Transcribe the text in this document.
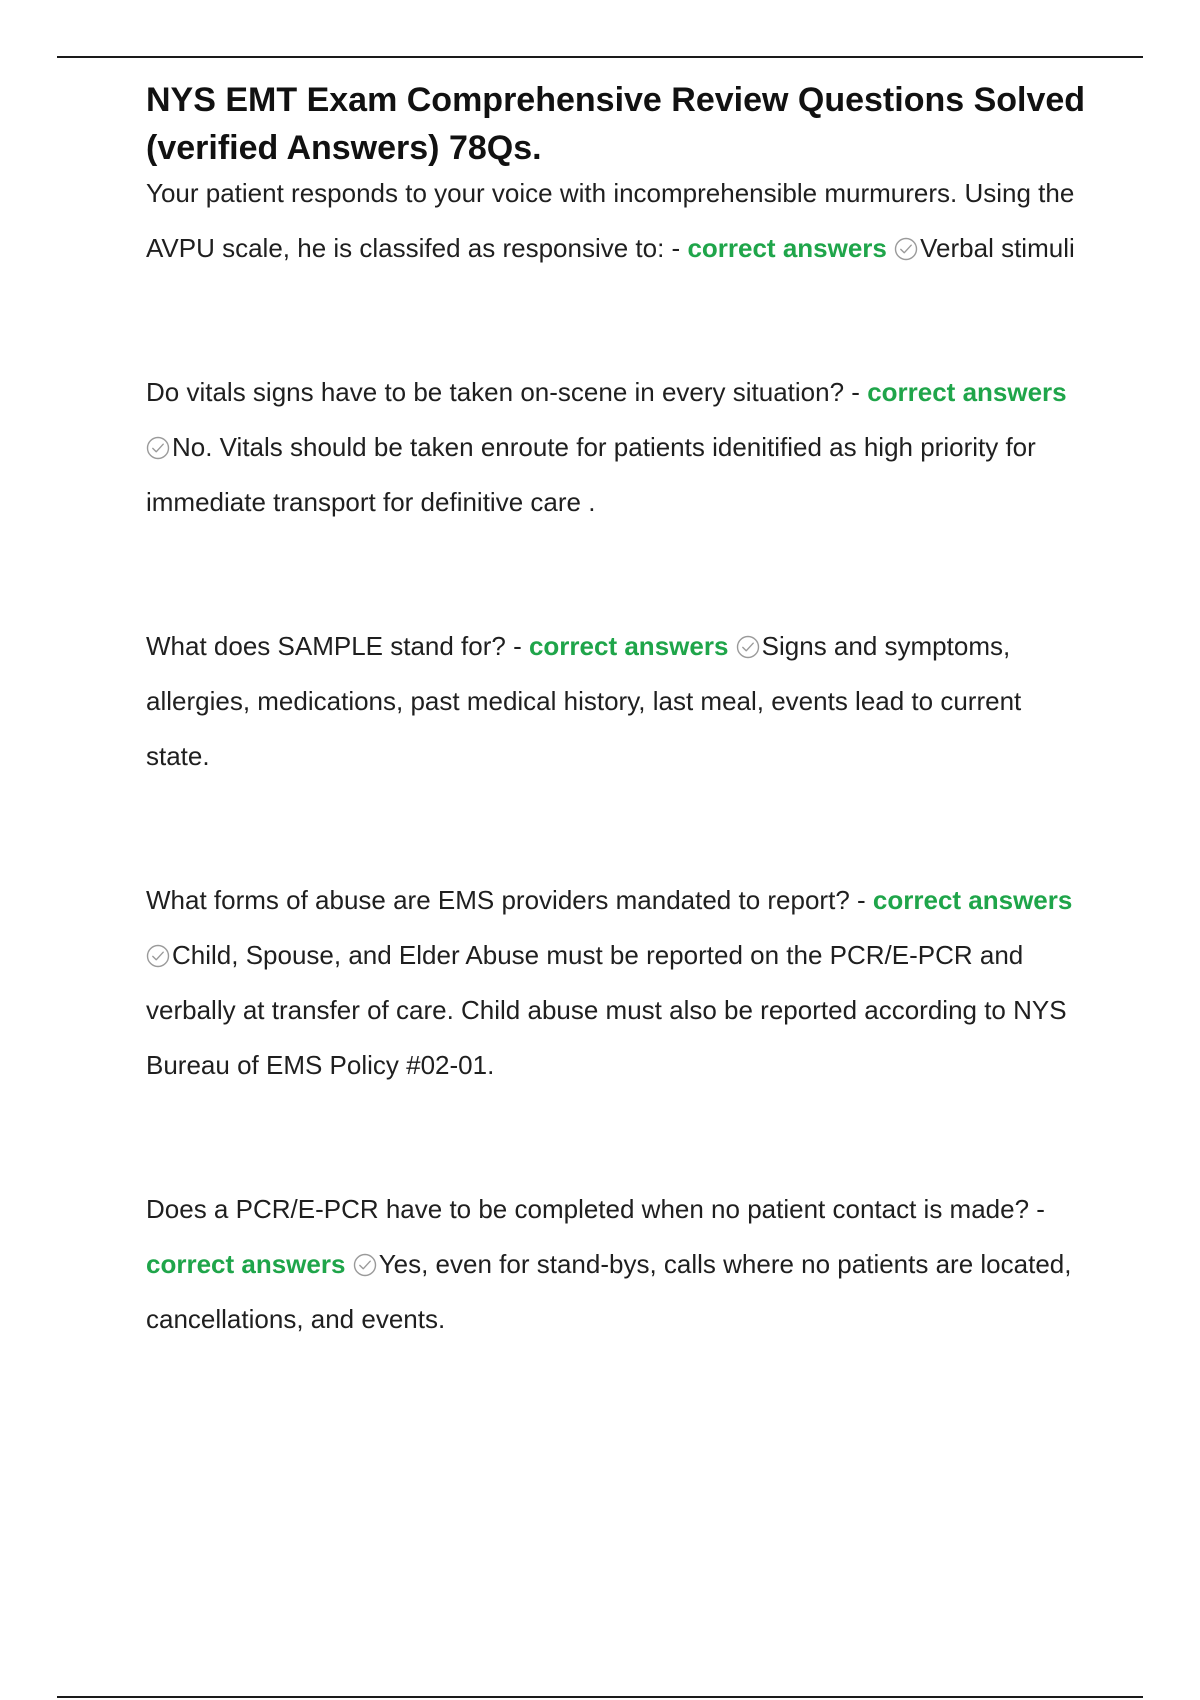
NYS EMT Exam Comprehensive Review Questions Solved (verified Answers) 78Qs.

Your patient responds to your voice with incomprehensible murmurers. Using the AVPU scale, he is classifed as responsive to: - correct answers Verbal stimuli

Do vitals signs have to be taken on-scene in every situation? - correct answers No. Vitals should be taken enroute for patients idenitified as high priority for immediate transport for definitive care .

What does SAMPLE stand for? - correct answers Signs and symptoms, allergies, medications, past medical history, last meal, events lead to current state.

What forms of abuse are EMS providers mandated to report? - correct answers Child, Spouse, and Elder Abuse must be reported on the PCR/E-PCR and verbally at transfer of care. Child abuse must also be reported according to NYS Bureau of EMS Policy #02-01.

Does a PCR/E-PCR have to be completed when no patient contact is made? - correct answers Yes, even for stand-bys, calls where no patients are located, cancellations, and events.
